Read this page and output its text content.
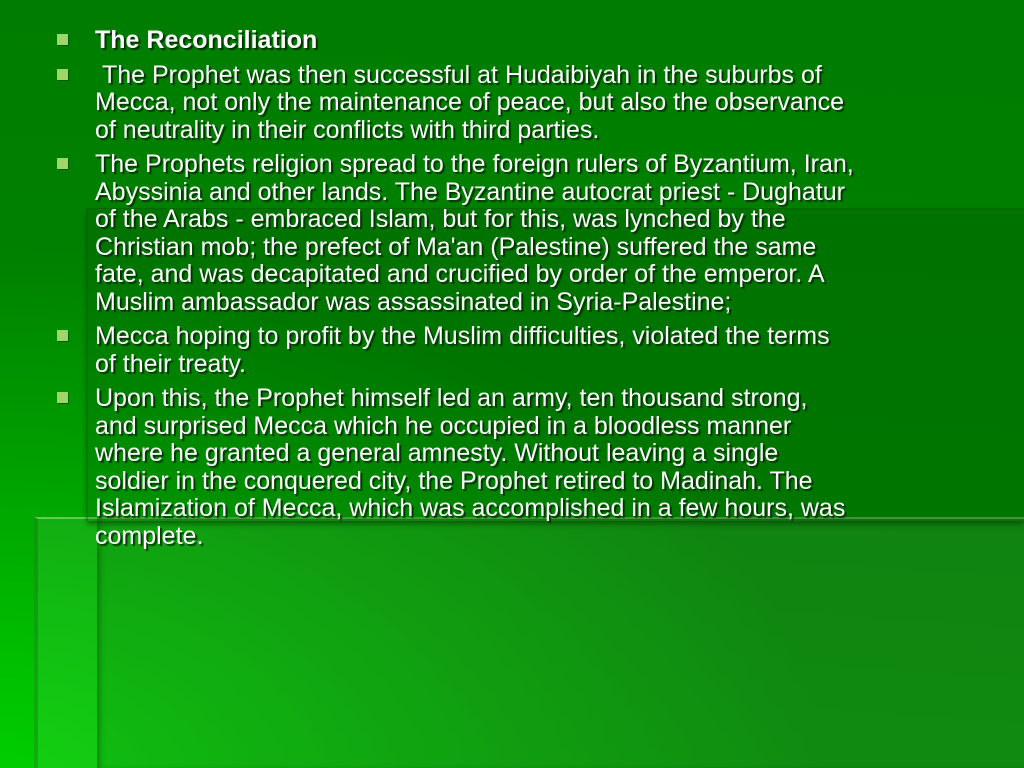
The Reconciliation
The Prophet was then successful at Hudaibiyah in the suburbs of
Mecca, not only the maintenance of peace, but also the observance
of neutrality in their conflicts with third parties.
The Prophets religion spread to the foreign rulers of Byzantium, Iran,
Abyssinia and other lands. The Byzantine autocrat priest - Dughatur
of the Arabs - embraced Islam, but for this, was lynched by the
Christian mob; the prefect of Ma'an (Palestine) suffered the same
fate, and was decapitated and crucified by order of the emperor. A
Muslim ambassador was assassinated in Syria-Palestine;
Mecca hoping to profit by the Muslim difficulties, violated the terms
of their treaty.
Upon this, the Prophet himself led an army, ten thousand strong,
and surprised Mecca which he occupied in a bloodless manner
where he granted a general amnesty. Without leaving a single
soldier in the conquered city, the Prophet retired to Madinah. The
Islamization of Mecca, which was accomplished in a few hours, was
complete.
